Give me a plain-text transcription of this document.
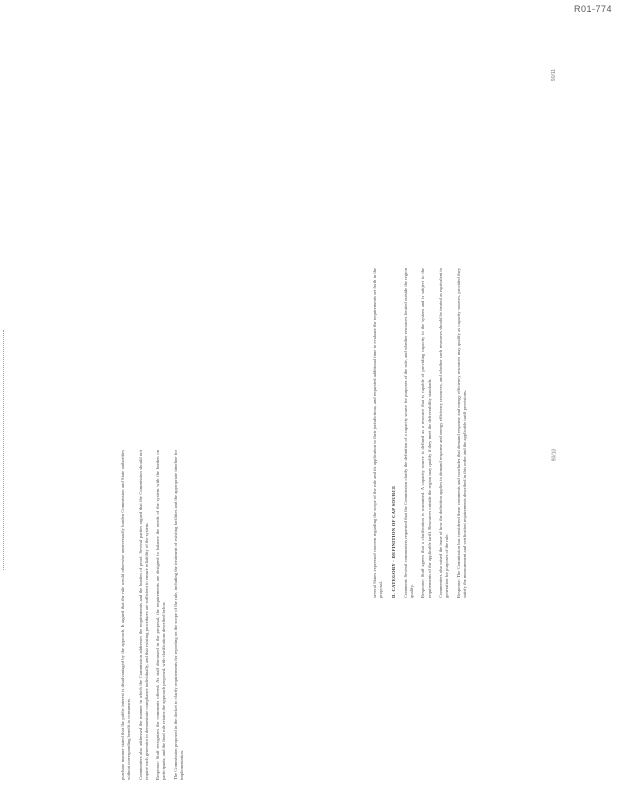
R01-774

purchase manner stated that the public interest is disadvantaged by the approach. It argued that the rule would otherwise unnecessarily burden Commission and State authorities without corresponding benefit to consumers. Commenters also addressed the manner in which the Commission addresses the requirements and the burden of proof. Several parties argued that the Commission should not require each generator to demonstrate compliance individually, and that existing procedures are sufficient to ensure reliability of the system. Response: Staff recognizes the comments offered. As staff discussed in the proposal, the requirements are designed to balance the needs of the system with the burden on participants, and the final rule retains the approach proposed, with clarifications described below. The Commission proposed in the docket to clarify requirements for reporting on the scope of the rule, including the treatment of existing facilities and the appropriate timeline for implementation.

several States expressed concern regarding the scope of the rule and its application to their jurisdictions, and requested additional time to evaluate the requirements set forth in the proposal. D. CATEGORY - DEFINITION OF CAP SOURCE Comment: Several commenters requested that the Commission clarify the definition of a capacity source for purposes of the rule, and whether resources located outside the region qualify. Response: Staff agrees that a clarification is warranted. A capacity source is defined as a resource that is capable of providing capacity to the system and is subject to the requirements of the applicable tariff. Resources outside the region may qualify if they meet the deliverability standards. Commenters also raised the issue of how the definition applies to demand response and energy efficiency resources, and whether such resources should be treated as equivalent to generation for purposes of the rule. Response: The Commission has considered these comments and concludes that demand response and energy efficiency resources may qualify as capacity sources, provided they satisfy the measurement and verification requirements described in this order and the applicable tariff provisions.	90/10
90/11
